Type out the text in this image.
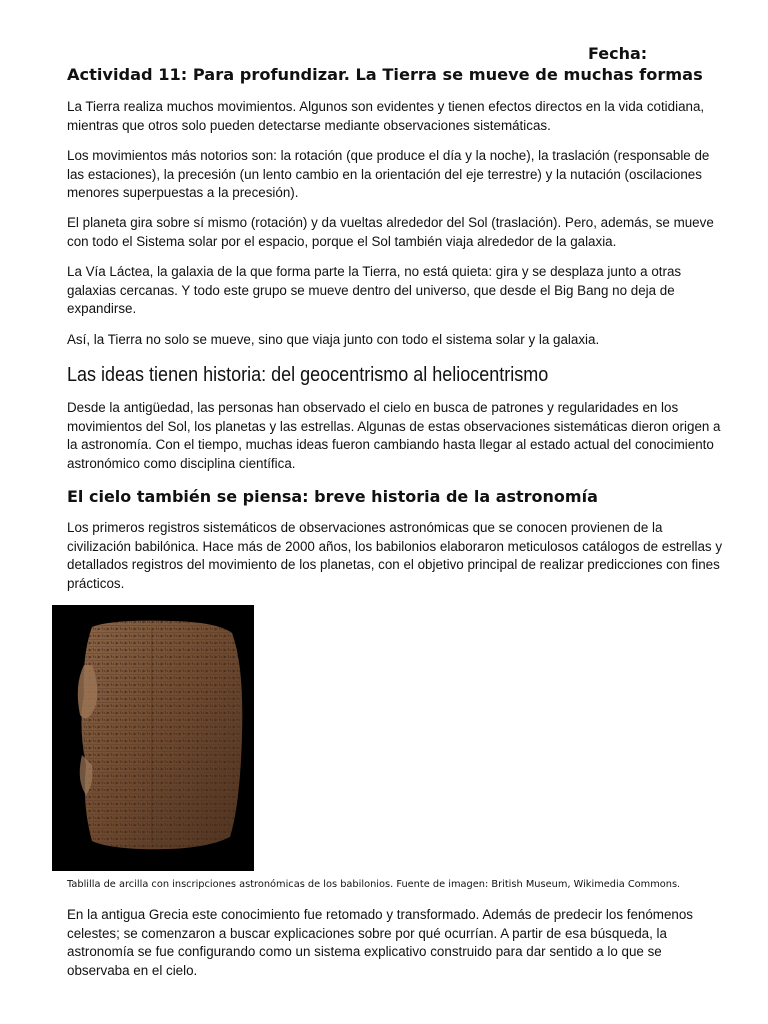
Fecha:
Actividad 11: Para profundizar. La Tierra se mueve de muchas formas

La Tierra realiza muchos movimientos. Algunos son evidentes y tienen efectos directos en la vida cotidiana, mientras que otros solo pueden detectarse mediante observaciones sistemáticas.

Los movimientos más notorios son: la rotación (que produce el día y la noche), la traslación (responsable de las estaciones), la precesión (un lento cambio en la orientación del eje terrestre) y la nutación (oscilaciones menores superpuestas a la precesión).

El planeta gira sobre sí mismo (rotación) y da vueltas alrededor del Sol (traslación). Pero, además, se mueve con todo el Sistema solar por el espacio, porque el Sol también viaja alrededor de la galaxia.

La Vía Láctea, la galaxia de la que forma parte la Tierra, no está quieta: gira y se desplaza junto a otras galaxias cercanas. Y todo este grupo se mueve dentro del universo, que desde el Big Bang no deja de expandirse.

Así, la Tierra no solo se mueve, sino que viaja junto con todo el sistema solar y la galaxia.

Las ideas tienen historia: del geocentrismo al heliocentrismo

Desde la antigüedad, las personas han observado el cielo en busca de patrones y regularidades en los movimientos del Sol, los planetas y las estrellas. Algunas de estas observaciones sistemáticas dieron origen a la astronomía. Con el tiempo, muchas ideas fueron cambiando hasta llegar al estado actual del conocimiento astronómico como disciplina científica.

El cielo también se piensa: breve historia de la astronomía

Los primeros registros sistemáticos de observaciones astronómicas que se conocen provienen de la civilización babilónica. Hace más de 2000 años, los babilonios elaboraron meticulosos catálogos de estrellas y detallados registros del movimiento de los planetas, con el objetivo principal de realizar predicciones con fines prácticos.

Tablilla de arcilla con inscripciones astronómicas de los babilonios. Fuente de imagen: British Museum, Wikimedia Commons.

En la antigua Grecia este conocimiento fue retomado y transformado. Además de predecir los fenómenos celestes; se comenzaron a buscar explicaciones sobre por qué ocurrían. A partir de esa búsqueda, la astronomía se fue configurando como un sistema explicativo construido para dar sentido a lo que se observaba en el cielo.
